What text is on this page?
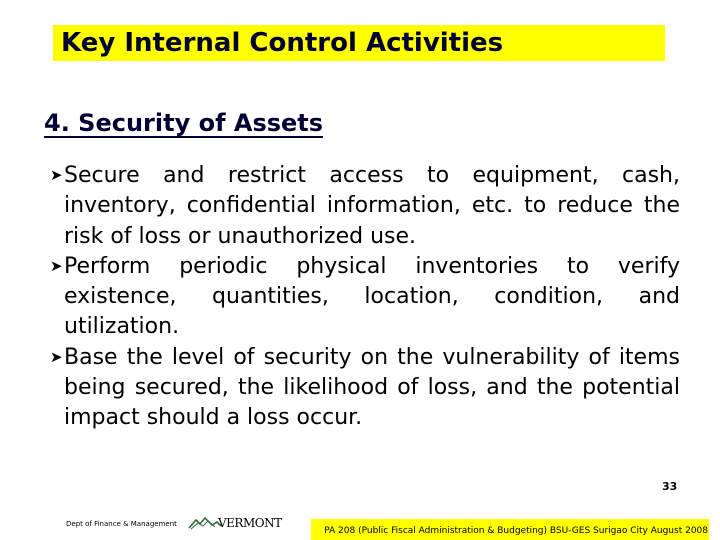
Key Internal Control Activities
4. Security of Assets
➤ Secure and restrict access to equipment, cash, inventory, confidential information, etc. to reduce the risk of loss or unauthorized use.
➤ Perform periodic physical inventories to verify existence, quantities, location, condition, and utilization.
➤ Base the level of security on the vulnerability of items being secured, the likelihood of loss, and the potential impact should a loss occur.
33
Dept of Finance & Management	VERMONT
PA 208 (Public Fiscal Administration & Budgeting) BSU-GES Surigao City August 2008
